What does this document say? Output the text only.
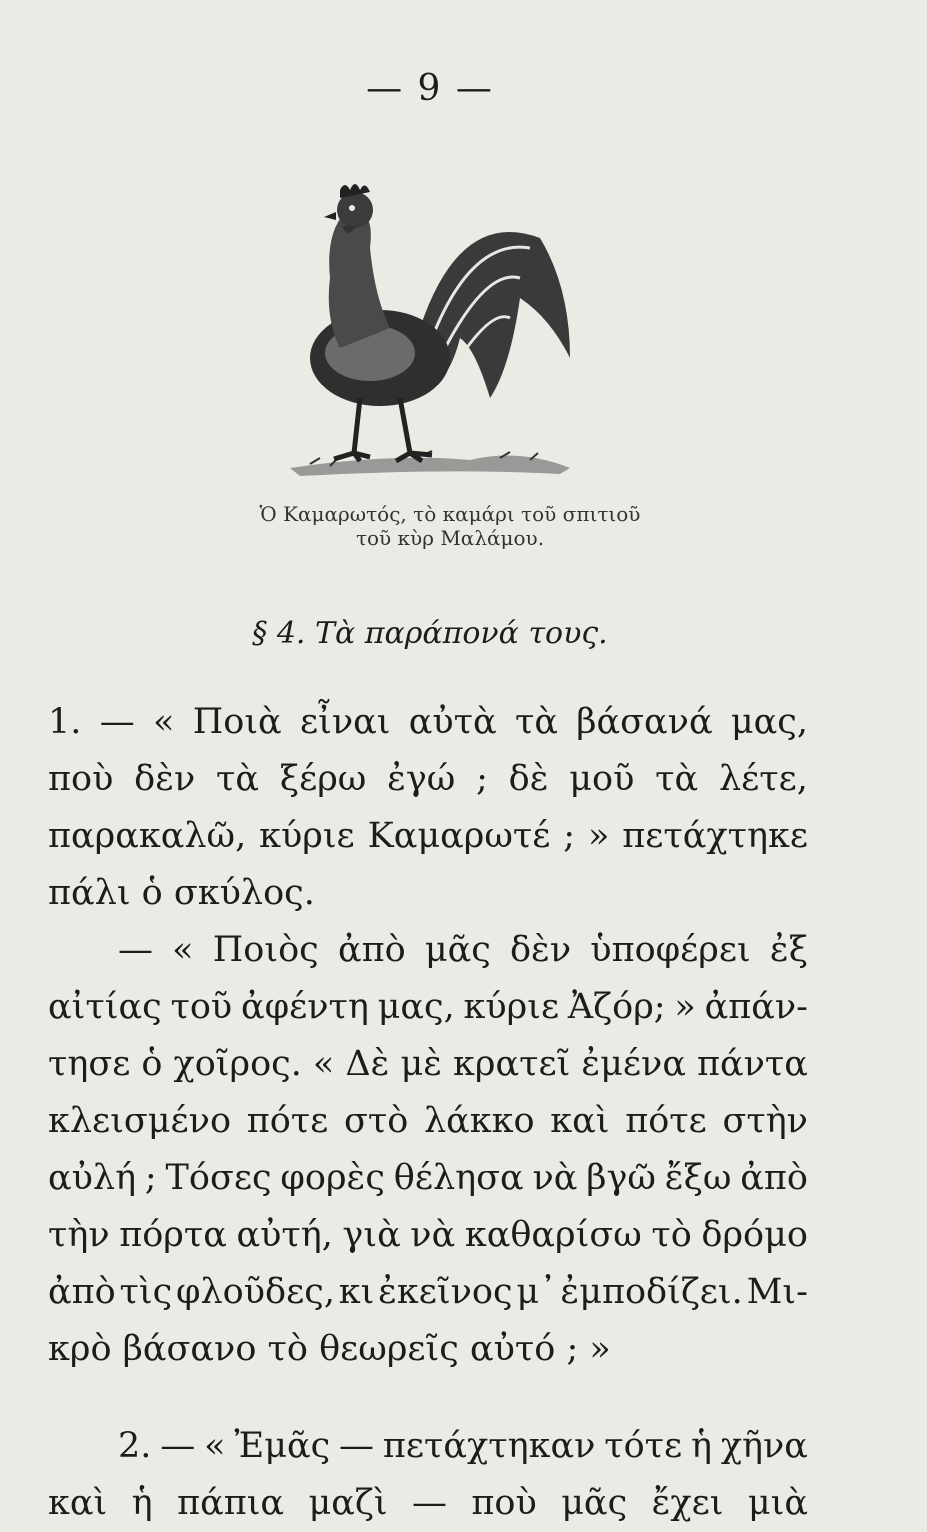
— 9 —
Ὁ Καμαρωτός, τὸ καμάρι τοῦ σπιτιοῦ
τοῦ κὺρ Μαλάμου.
§ 4. Τὰ παράπονά τους.
1. — « Ποιὰ εἶναι αὐτὰ τὰ βάσανά μας,
ποὺ δὲν τὰ ξέρω ἐγώ ; δὲ μοῦ τὰ λέτε,
παρακαλῶ, κύριε Καμαρωτέ ; » πετάχτηκε
πάλι ὁ σκύλος.
— « Ποιὸς ἀπὸ μᾶς δὲν ὑποφέρει ἐξ
αἰτίας τοῦ ἀφέντη μας, κύριε Ἀζόρ; » ἀπάν-
τησε ὁ χοῖρος. « Δὲ μὲ κρατεῖ ἐμένα πάντα
κλεισμένο πότε στὸ λάκκο καὶ πότε στὴν
αὐλή ; Τόσες φορὲς θέλησα νὰ βγῶ ἔξω ἀπὸ
τὴν πόρτα αὐτή, γιὰ νὰ καθαρίσω τὸ δρόμο
ἀπὸ τὶς φλοῦδες, κι ἐκεῖνος μ᾽ ἐμποδίζει. Μι-
κρὸ βάσανο τὸ θεωρεῖς αὐτό ; »
2. — « Ἐμᾶς — πετάχτηκαν τότε ἡ χῆνα
καὶ ἡ πάπια μαζὶ — ποὺ μᾶς ἔχει μιὰ
